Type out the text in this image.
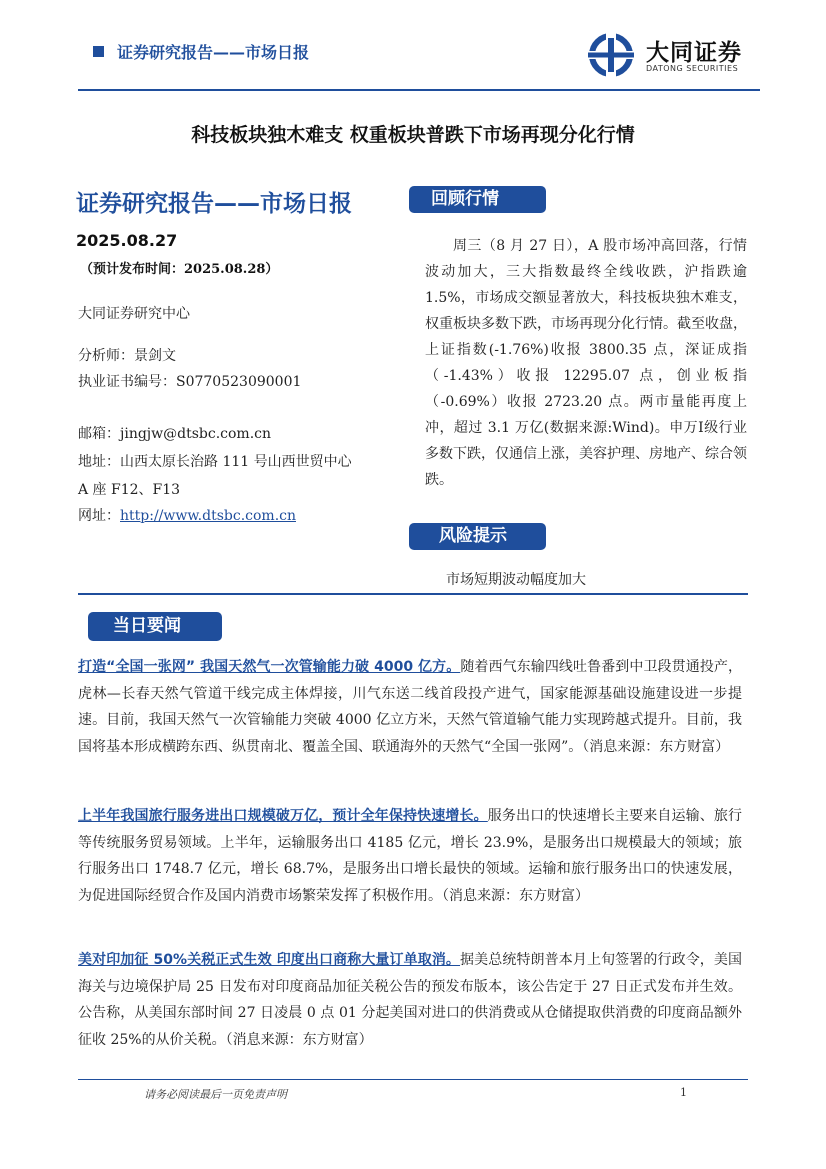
证券研究报告——市场日报	大同证券
DATONG SECURITIES
科技板块独木难支 权重板块普跌下市场再现分化行情
证券研究报告——市场日报
2025.08.27
（预计发布时间：2025.08.28）
大同证券研究中心
分析师：景剑文
执业证书编号：S0770523090001
邮箱：jingjw@dtsbc.com.cn
地址：山西太原长治路 111 号山西世贸中心
A 座 F12、F13
网址：http://www.dtsbc.com.cn
回顾行情
周三（8 月 27 日），A 股市场冲高回落，行情波动加大，三大指数最终全线收跌，沪指跌逾 1.5%，市场成交额显著放大，科技板块独木难支，权重板块多数下跌，市场再现分化行情。截至收盘，上证指数(-1.76%)收报 3800.35 点，深证成指（-1.43%）收报 12295.07 点，创业板指（-0.69%）收报 2723.20 点。两市量能再度上冲，超过 3.1 万亿(数据来源:Wind)。申万Ⅰ级行业多数下跌，仅通信上涨，美容护理、房地产、综合领跌。
风险提示
市场短期波动幅度加大
当日要闻
打造“全国一张网” 我国天然气一次管输能力破 4000 亿方。随着西气东输四线吐鲁番到中卫段贯通投产，虎林—长春天然气管道干线完成主体焊接，川气东送二线首段投产进气，国家能源基础设施建设进一步提速。目前，我国天然气一次管输能力突破 4000 亿立方米，天然气管道输气能力实现跨越式提升。目前，我国将基本形成横跨东西、纵贯南北、覆盖全国、联通海外的天然气“全国一张网”。（消息来源：东方财富）
上半年我国旅行服务进出口规模破万亿，预计全年保持快速增长。服务出口的快速增长主要来自运输、旅行等传统服务贸易领域。上半年，运输服务出口 4185 亿元，增长 23.9%，是服务出口规模最大的领域；旅行服务出口 1748.7 亿元，增长 68.7%，是服务出口增长最快的领域。运输和旅行服务出口的快速发展，为促进国际经贸合作及国内消费市场繁荣发挥了积极作用。（消息来源：东方财富）
美对印加征 50%关税正式生效 印度出口商称大量订单取消。据美总统特朗普本月上旬签署的行政令，美国海关与边境保护局 25 日发布对印度商品加征关税公告的预发布版本，该公告定于 27 日正式发布并生效。公告称，从美国东部时间 27 日凌晨 0 点 01 分起美国对进口的供消费或从仓储提取供消费的印度商品额外征收 25%的从价关税。（消息来源：东方财富）
请务必阅读最后一页免责声明	1
